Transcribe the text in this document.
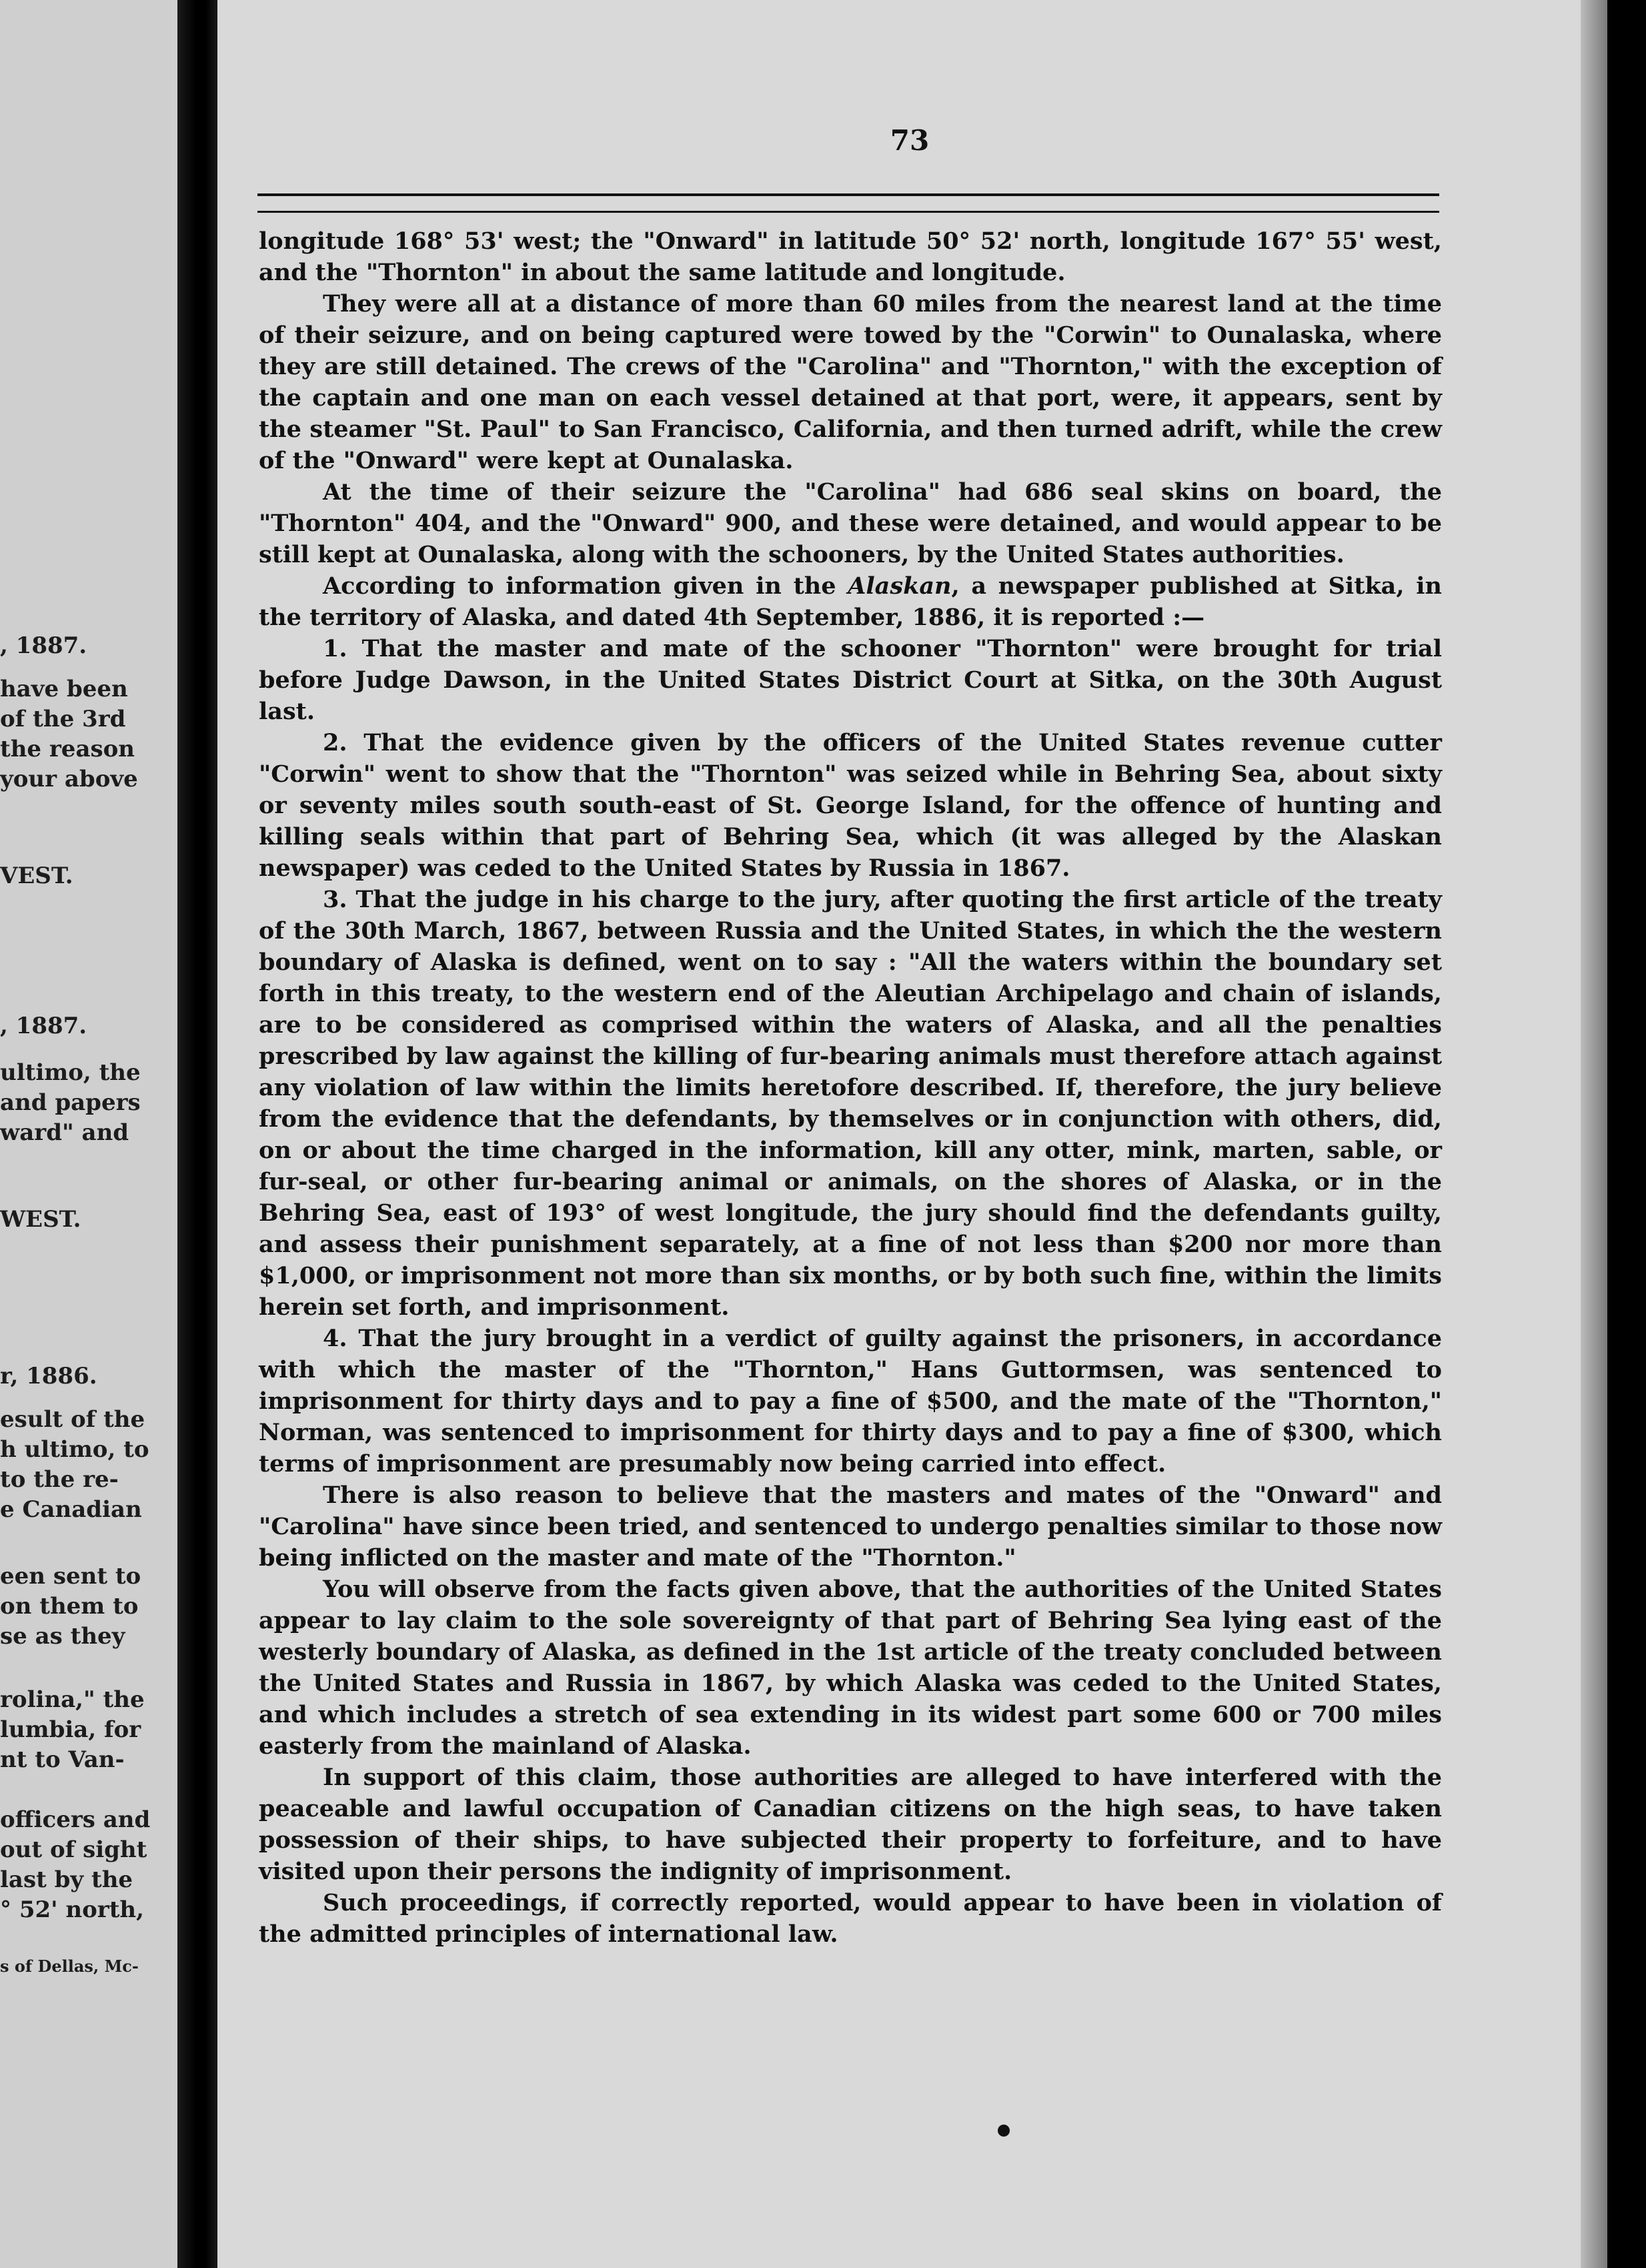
, 1887.
have been
of the 3rd
the reason
your above
VEST.
, 1887.
ultimo, the
and papers
ward" and
WEST.
r, 1886.
esult of the
h ultimo, to
to the re-
e Canadian
een sent to
on them to
se as they
rolina," the
lumbia, for
nt to Van-
officers and
out of sight
last by the
° 52' north,
s of Dellas, Mc-
73

longitude 168° 53' west; the "Onward" in latitude 50° 52' north, longitude 167° 55' west, and the "Thornton" in about the same latitude and longitude.

They were all at a distance of more than 60 miles from the nearest land at the time of their seizure, and on being captured were towed by the "Corwin" to Ounalaska, where they are still detained. The crews of the "Carolina" and "Thornton," with the exception of the captain and one man on each vessel detained at that port, were, it appears, sent by the steamer "St. Paul" to San Francisco, California, and then turned adrift, while the crew of the "Onward" were kept at Ounalaska.

At the time of their seizure the "Carolina" had 686 seal skins on board, the "Thornton" 404, and the "Onward" 900, and these were detained, and would appear to be still kept at Ounalaska, along with the schooners, by the United States authorities.

According to information given in the Alaskan, a newspaper published at Sitka, in the territory of Alaska, and dated 4th September, 1886, it is reported :—

1. That the master and mate of the schooner "Thornton" were brought for trial before Judge Dawson, in the United States District Court at Sitka, on the 30th August last.

2. That the evidence given by the officers of the United States revenue cutter "Corwin" went to show that the "Thornton" was seized while in Behring Sea, about sixty or seventy miles south south-east of St. George Island, for the offence of hunting and killing seals within that part of Behring Sea, which (it was alleged by the Alaskan newspaper) was ceded to the United States by Russia in 1867.

3. That the judge in his charge to the jury, after quoting the first article of the treaty of the 30th March, 1867, between Russia and the United States, in which the the western boundary of Alaska is defined, went on to say : "All the waters within the boundary set forth in this treaty, to the western end of the Aleutian Archipelago and chain of islands, are to be considered as comprised within the waters of Alaska, and all the penalties prescribed by law against the killing of fur-bearing animals must therefore attach against any violation of law within the limits heretofore described. If, therefore, the jury believe from the evidence that the defendants, by themselves or in conjunction with others, did, on or about the time charged in the information, kill any otter, mink, marten, sable, or fur-seal, or other fur-bearing animal or animals, on the shores of Alaska, or in the Behring Sea, east of 193° of west longitude, the jury should find the defendants guilty, and assess their punishment separately, at a fine of not less than $200 nor more than $1,000, or imprisonment not more than six months, or by both such fine, within the limits herein set forth, and imprisonment.

4. That the jury brought in a verdict of guilty against the prisoners, in accordance with which the master of the "Thornton," Hans Guttormsen, was sentenced to imprisonment for thirty days and to pay a fine of $500, and the mate of the "Thornton," Norman, was sentenced to imprisonment for thirty days and to pay a fine of $300, which terms of imprisonment are presumably now being carried into effect.

There is also reason to believe that the masters and mates of the "Onward" and "Carolina" have since been tried, and sentenced to undergo penalties similar to those now being inflicted on the master and mate of the "Thornton."

You will observe from the facts given above, that the authorities of the United States appear to lay claim to the sole sovereignty of that part of Behring Sea lying east of the westerly boundary of Alaska, as defined in the 1st article of the treaty concluded between the United States and Russia in 1867, by which Alaska was ceded to the United States, and which includes a stretch of sea extending in its widest part some 600 or 700 miles easterly from the mainland of Alaska.

In support of this claim, those authorities are alleged to have interfered with the peaceable and lawful occupation of Canadian citizens on the high seas, to have taken possession of their ships, to have subjected their property to forfeiture, and to have visited upon their persons the indignity of imprisonment.

Such proceedings, if correctly reported, would appear to have been in violation of the admitted principles of international law.
